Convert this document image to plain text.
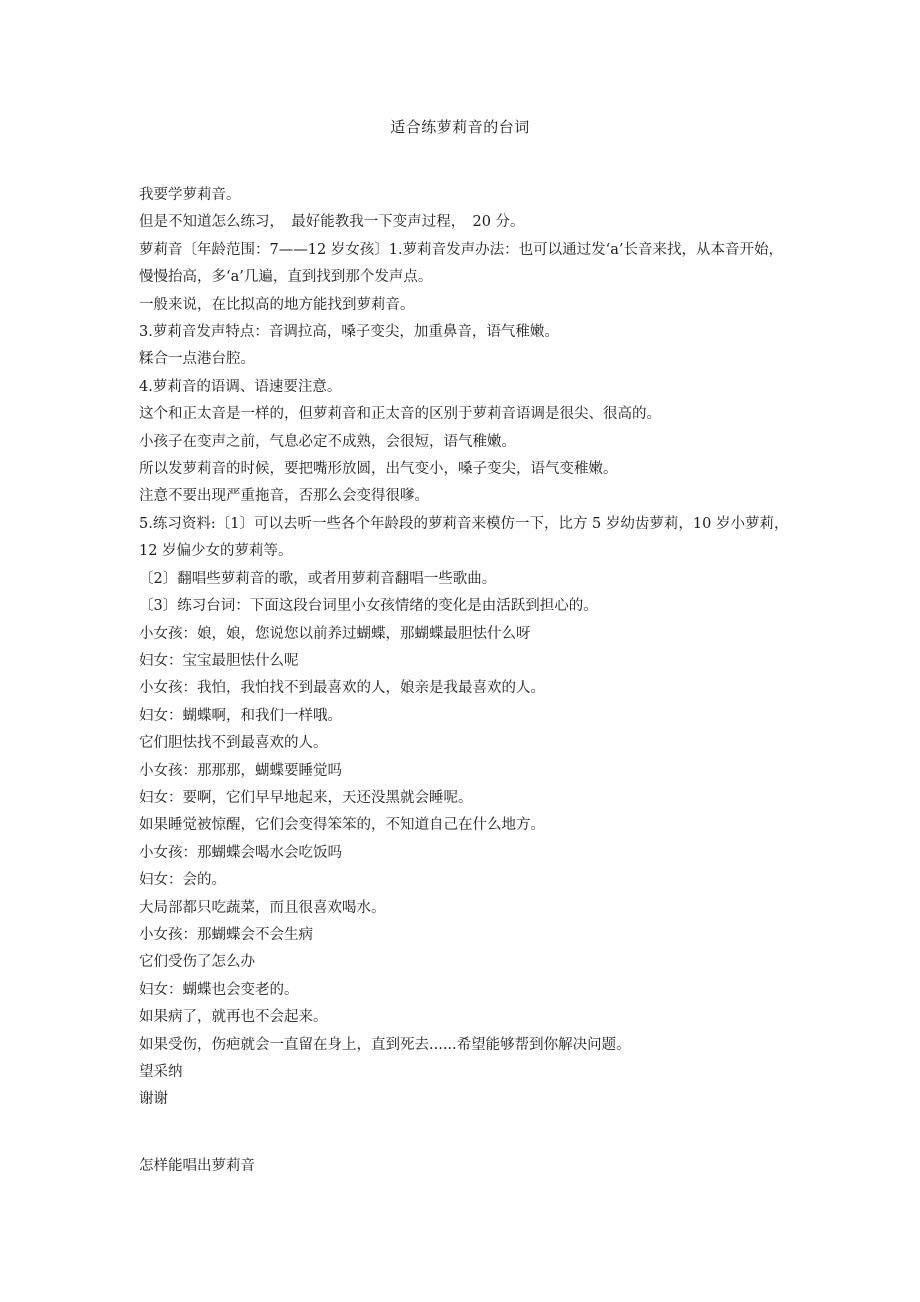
适合练萝莉音的台词

我要学萝莉音。

但是不知道怎么练习，　最好能教我一下变声过程，　20 分。

萝莉音〔年龄范围：7——12 岁女孩〕1.萝莉音发声办法：也可以通过发‘a’长音来找，从本音开始，慢慢抬高，多‘a’几遍，直到找到那个发声点。

一般来说，在比拟高的地方能找到萝莉音。

3.萝莉音发声特点：音调拉高，嗓子变尖，加重鼻音，语气稚嫩。

糅合一点港台腔。

4.萝莉音的语调、语速要注意。

这个和正太音是一样的，但萝莉音和正太音的区别于萝莉音语调是很尖、很高的。

小孩子在变声之前，气息必定不成熟，会很短，语气稚嫩。

所以发萝莉音的时候，要把嘴形放圆，出气变小，嗓子变尖，语气变稚嫩。

注意不要出现严重拖音，否那么会变得很嗲。

5.练习资料:〔1〕可以去听一些各个年龄段的萝莉音来模仿一下，比方 5 岁幼齿萝莉，10 岁小萝莉，12 岁偏少女的萝莉等。

〔2〕翻唱些萝莉音的歌，或者用萝莉音翻唱一些歌曲。

〔3〕练习台词：下面这段台词里小女孩情绪的变化是由活跃到担心的。

小女孩：娘，娘，您说您以前养过蝴蝶，那蝴蝶最胆怯什么呀

妇女：宝宝最胆怯什么呢

小女孩：我怕，我怕找不到最喜欢的人，娘亲是我最喜欢的人。

妇女：蝴蝶啊，和我们一样哦。

它们胆怯找不到最喜欢的人。

小女孩：那那那，蝴蝶要睡觉吗

妇女：要啊，它们早早地起来，天还没黑就会睡呢。

如果睡觉被惊醒，它们会变得笨笨的，不知道自己在什么地方。

小女孩：那蝴蝶会喝水会吃饭吗

妇女：会的。

大局部都只吃蔬菜，而且很喜欢喝水。

小女孩：那蝴蝶会不会生病

它们受伤了怎么办

妇女：蝴蝶也会变老的。

如果病了，就再也不会起来。

如果受伤，伤疤就会一直留在身上，直到死去......希望能够帮到你解决问题。

望采纳

谢谢

怎样能唱出萝莉音
